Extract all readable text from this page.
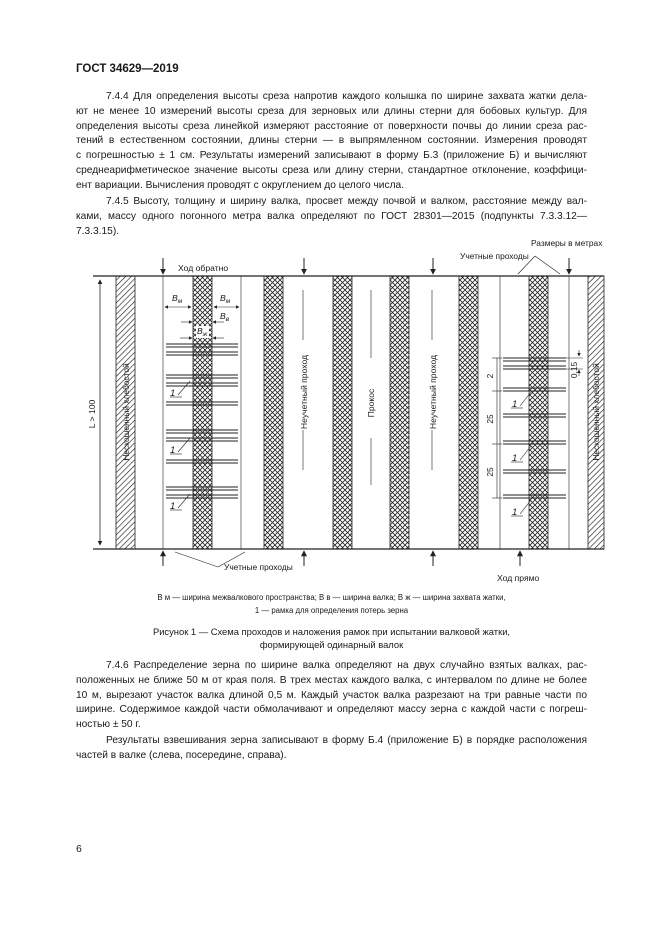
ГОСТ 34629—2019
7.4.4 Для определения высоты среза напротив каждого колышка по ширине захвата жатки дела-
ют не менее 10 измерений высоты среза для зерновых или длины стерни для бобовых культур. Для
определения высоты среза линейкой измеряют расстояние от поверхности почвы до линии среза рас-
тений в естественном состоянии, длины стерни — в выпрямленном состоянии. Измерения проводят
с погрешностью ± 1 см. Результаты измерений записывают в форму Б.3 (приложение Б) и вычисляют
среднеарифметическое значение высоты среза или длину стерни, стандартное отклонение, коэффици-
ент вариации. Вычисления проводят с округлением до целого числа.
7.4.5 Высоту, толщину и ширину валка, просвет между почвой и валком, расстояние между вал-
ками, массу одного погонного метра валка определяют по ГОСТ 28301—2015 (подпункты 7.3.3.12—
7.3.3.15).
Ход обратно
Размеры в метрах
Учетные проходы
Учетные проходы
Ход прямо
L > 100	Нескошенный хлебостой	Нескошенный хлебостой
Неучетный проход	Неучетный проход
Прокос
$B_м$	$B_м$
$B_в$
$B_ж$
1
1
1
2
25
25
0,15
1
1
1
B м — ширина межвалкового пространства; B в — ширина валка; B ж — ширина захвата жатки,
1 — рамка для определения потерь зерна
Рисунок 1 — Схема проходов и наложения рамок при испытании валковой жатки,
формирующей одинарный валок
7.4.6 Распределение зерна по ширине валка определяют на двух случайно взятых валках, рас-
положенных не ближе 50 м от края поля. В трех местах каждого валка, с интервалом по длине не более
10 м, вырезают участок валка длиной 0,5 м. Каждый участок валка разрезают на три равные части по
ширине. Содержимое каждой части обмолачивают и определяют массу зерна с каждой части с погреш-
ностью ± 50 г.
Результаты взвешивания зерна записывают в форму Б.4 (приложение Б) в порядке расположения
частей в валке (слева, посередине, справа).
6
